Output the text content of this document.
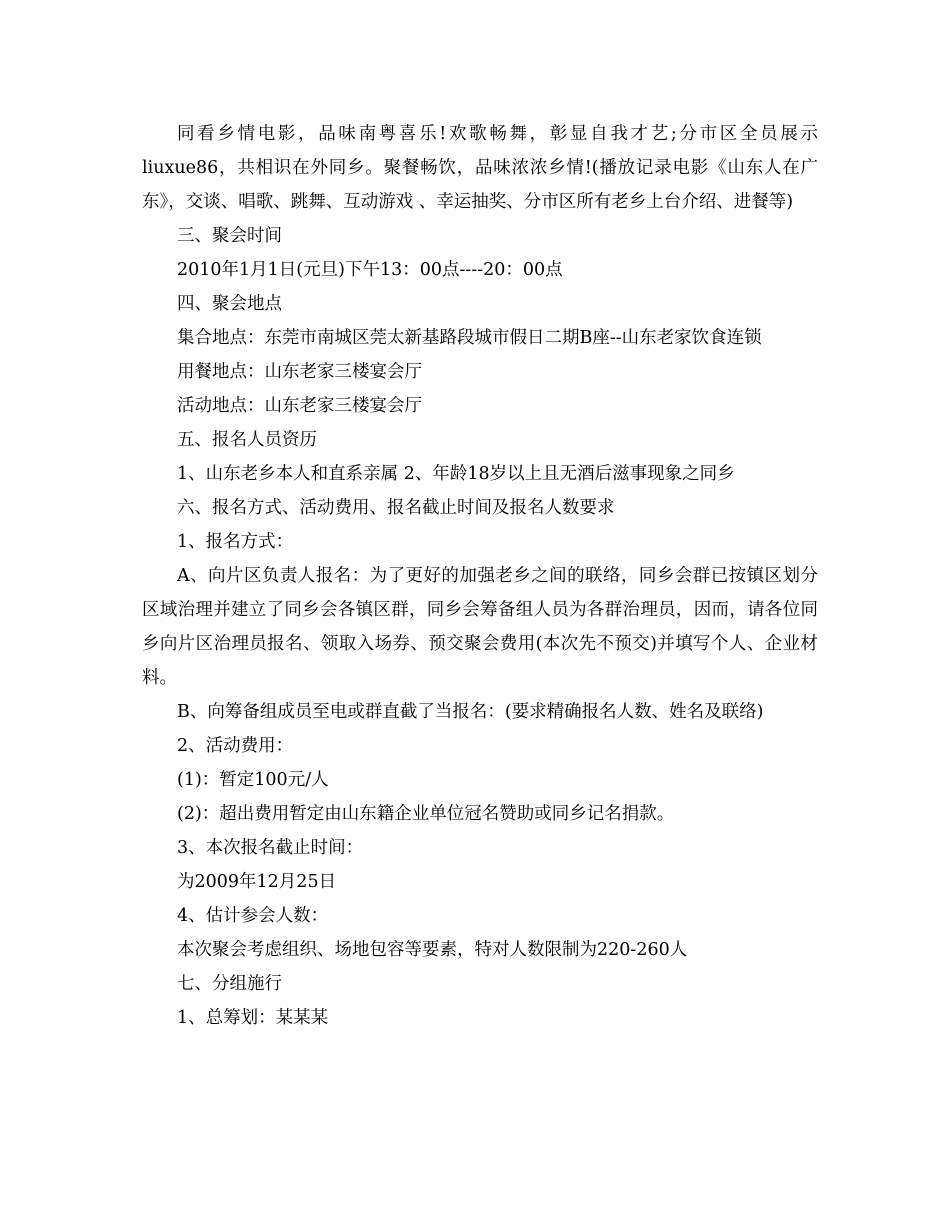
同看乡情电影，品味南粤喜乐!欢歌畅舞，彰显自我才艺;分市区全员展示liuxue86，共相识在外同乡。聚餐畅饮，品味浓浓乡情!(播放记录电影《山东人在广东》，交谈、唱歌、跳舞、互动游戏 、幸运抽奖、分市区所有老乡上台介绍、进餐等)

三、聚会时间

2010年1月1日(元旦)下午13：00点----20：00点

四、聚会地点

集合地点：东莞市南城区莞太新基路段城市假日二期B座--山东老家饮食连锁

用餐地点：山东老家三楼宴会厅

活动地点：山东老家三楼宴会厅

五、报名人员资历

1、山东老乡本人和直系亲属 2、年龄18岁以上且无酒后滋事现象之同乡

六、报名方式、活动费用、报名截止时间及报名人数要求

1、报名方式：

A、向片区负责人报名：为了更好的加强老乡之间的联络，同乡会群已按镇区划分区域治理并建立了同乡会各镇区群，同乡会筹备组人员为各群治理员，因而，请各位同乡向片区治理员报名、领取入场券、预交聚会费用(本次先不预交)并填写个人、企业材料。

B、向筹备组成员至电或群直截了当报名：(要求精确报名人数、姓名及联络)

2、活动费用：

(1)：暂定100元/人

(2)：超出费用暂定由山东籍企业单位冠名赞助或同乡记名捐款。

3、本次报名截止时间：

为2009年12月25日

4、估计参会人数：

本次聚会考虑组织、场地包容等要素，特对人数限制为220-260人

七、分组施行

1、总筹划：某某某
